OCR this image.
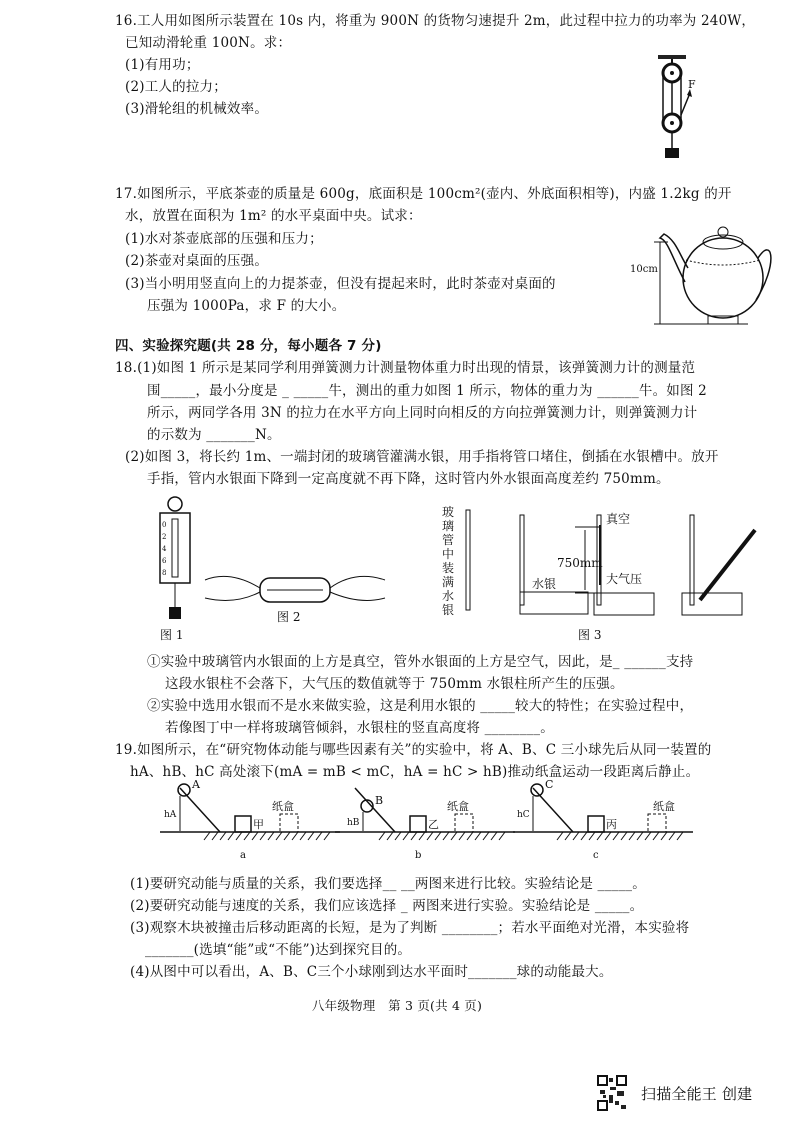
16.工人用如图所示装置在 10s 内，将重为 900N 的货物匀速提升 2m，此过程中拉力的功率为 240W，
已知动滑轮重 100N。求：
(1)有用功；
(2)工人的拉力；
(3)滑轮组的机械效率。
F
17.如图所示，平底茶壶的质量是 600g，底面积是 100cm²(壶内、外底面积相等)，内盛 1.2kg 的开
水，放置在面积为 1m² 的水平桌面中央。试求：
(1)水对茶壶底部的压强和压力；
(2)茶壶对桌面的压强。
(3)当小明用竖直向上的力提茶壶，但没有提起来时，此时茶壶对桌面的
压强为 1000Pa，求 F 的大小。
10cm
四、实验探究题(共 28 分，每小题各 7 分)
18.(1)如图 1 所示是某同学利用弹簧测力计测量物体重力时出现的情景，该弹簧测力计的测量范
围_____，最小分度是 _ _____牛，测出的重力如图 1 所示，物体的重力为 ______牛。如图 2
所示，两同学各用 3N 的拉力在水平方向上同时向相反的方向拉弹簧测力计，则弹簧测力计
的示数为 _______N。
(2)如图 3，将长约 1m、一端封闭的玻璃管灌满水银，用手指将管口堵住，倒插在水银槽中。放开
手指，管内水银面下降到一定高度就不再下降，这时管内外水银面高度差约 750mm。
0
2
4
6
8
图 1
图 2
玻璃管中装满水银
真空
750mm
水银	大气压
图 3
①实验中玻璃管内水银面的上方是真空，管外水银面的上方是空气，因此，是_ ______支持
这段水银柱不会落下，大气压的数值就等于 750mm 水银柱所产生的压强。
②实验中选用水银而不是水来做实验，这是利用水银的 _____较大的特性；在实验过程中，
若像图丁中一样将玻璃管倾斜，水银柱的竖直高度将 ________。
19.如图所示，在“研究物体动能与哪些因素有关”的实验中，将 A、B、C 三小球先后从同一装置的
hA、hB、hC 高处滚下(mA = mB < mC，hA = hC > hB)推动纸盒运动一段距离后静止。
A
hA
甲
纸盒
a
B
hB	乙
纸盒
b
C
hC
丙
纸盒
c
(1)要研究动能与质量的关系，我们要选择__ __两图来进行比较。实验结论是 _____。
(2)要研究动能与速度的关系，我们应该选择 _ 两图来进行实验。实验结论是 _____。
(3)观察木块被撞击后移动距离的长短，是为了判断 ________；若水平面绝对光滑，本实验将
_______(选填“能”或“不能”)达到探究目的。
(4)从图中可以看出，A、B、C三个小球刚到达水平面时_______球的动能最大。
八年级物理　第 3 页(共 4 页)
扫描全能王 创建
